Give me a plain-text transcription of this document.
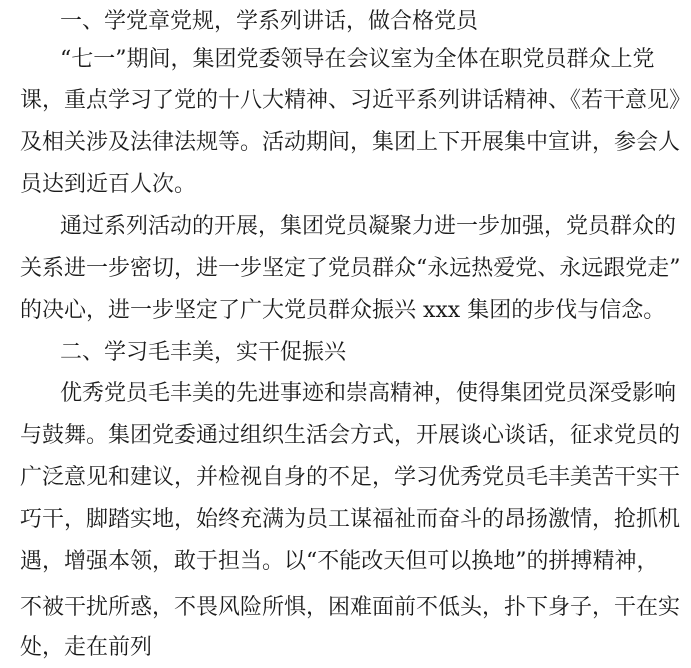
一、学党章党规，学系列讲话，做合格党员
“七一”期间，集团党委领导在会议室为全体在职党员群众上党
课，重点学习了党的十八大精神、习近平系列讲话精神、《若干意见》
及相关涉及法律法规等。活动期间，集团上下开展集中宣讲，参会人
员达到近百人次。
通过系列活动的开展，集团党员凝聚力进一步加强，党员群众的
关系进一步密切，进一步坚定了党员群众“永远热爱党、永远跟党走”
的决心，进一步坚定了广大党员群众振兴 xxx 集团的步伐与信念。
二、学习毛丰美，实干促振兴
优秀党员毛丰美的先进事迹和崇高精神，使得集团党员深受影响
与鼓舞。集团党委通过组织生活会方式，开展谈心谈话，征求党员的
广泛意见和建议，并检视自身的不足，学习优秀党员毛丰美苦干实干
巧干，脚踏实地，始终充满为员工谋福祉而奋斗的昂扬激情，抢抓机
遇，增强本领，敢于担当。以“不能改天但可以换地”的拼搏精神，
不被干扰所惑，不畏风险所惧，困难面前不低头，扑下身子，干在实
处，走在前列
